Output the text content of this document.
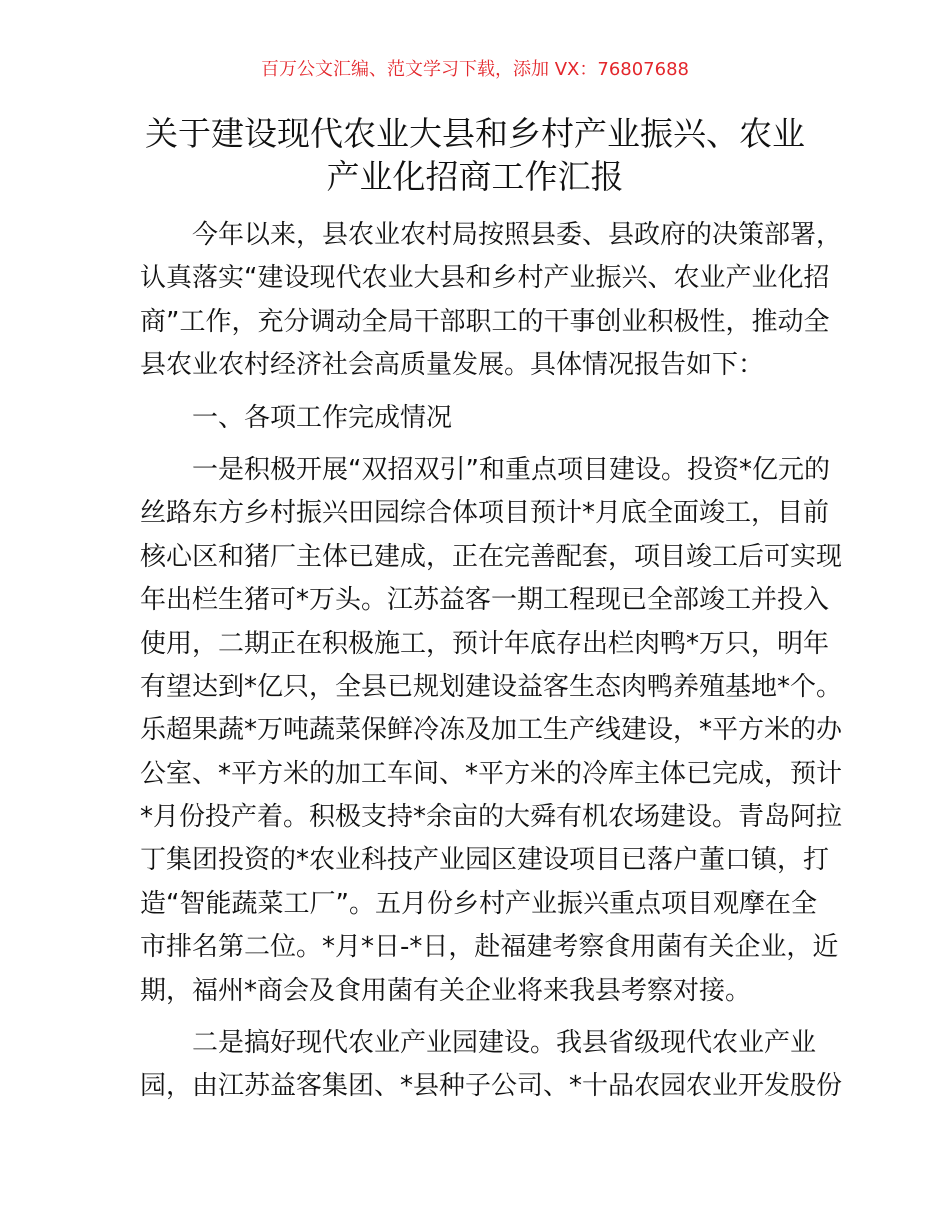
百万公文汇编、范文学习下载，添加 VX：76807688
关于建设现代农业大县和乡村产业振兴、农业
产业化招商工作汇报
今年以来，县农业农村局按照县委、县政府的决策部署，
认真落实“建设现代农业大县和乡村产业振兴、农业产业化招
商”工作，充分调动全局干部职工的干事创业积极性，推动全
县农业农村经济社会高质量发展。具体情况报告如下：
一、各项工作完成情况
一是积极开展“双招双引”和重点项目建设。投资*亿元的
丝路东方乡村振兴田园综合体项目预计*月底全面竣工，目前
核心区和猪厂主体已建成，正在完善配套，项目竣工后可实现
年出栏生猪可*万头。江苏益客一期工程现已全部竣工并投入
使用，二期正在积极施工，预计年底存出栏肉鸭*万只，明年
有望达到*亿只，全县已规划建设益客生态肉鸭养殖基地*个。
乐超果蔬*万吨蔬菜保鲜冷冻及加工生产线建设，*平方米的办
公室、*平方米的加工车间、*平方米的冷库主体已完成，预计
*月份投产着。积极支持*余亩的大舜有机农场建设。青岛阿拉
丁集团投资的*农业科技产业园区建设项目已落户董口镇，打
造“智能蔬菜工厂”。五月份乡村产业振兴重点项目观摩在全
市排名第二位。*月*日-*日，赴福建考察食用菌有关企业，近
期，福州*商会及食用菌有关企业将来我县考察对接。
二是搞好现代农业产业园建设。我县省级现代农业产业
园，由江苏益客集团、*县种子公司、*十品农园农业开发股份
